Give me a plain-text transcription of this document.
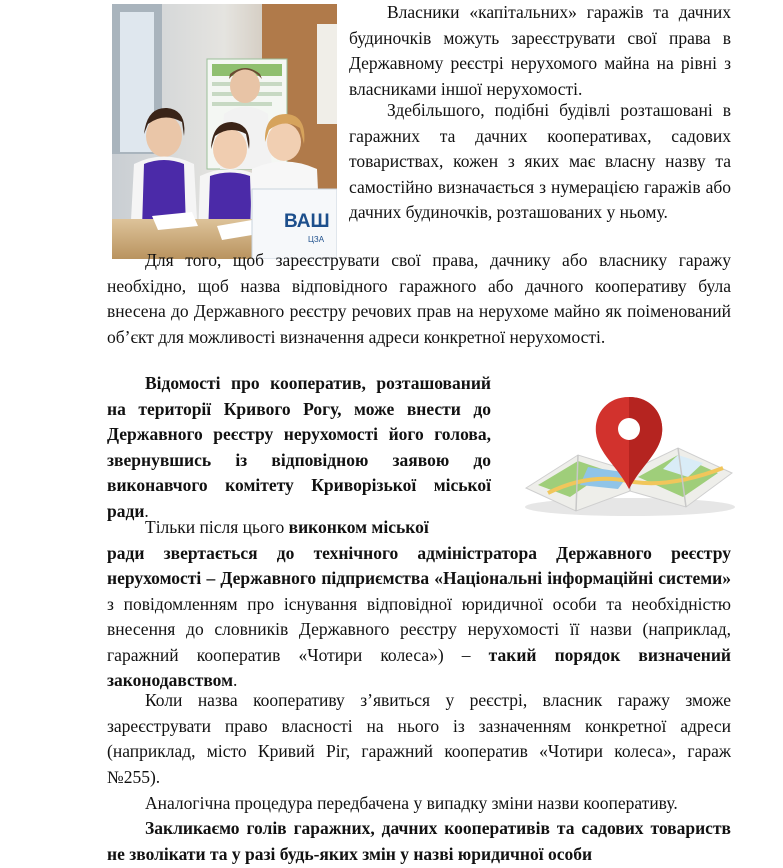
ВАШ
ЦЗА

Власники «капітальних» гаражів та дачних будиночків можуть зареєструвати свої права в Державному реєстрі нерухомого майна на рівні з власниками іншої нерухомості.

Здебільшого, подібні будівлі розташовані в гаражних та дачних кооперативах, садових товариствах, кожен з яких має власну назву та самостійно визначається з нумерацією гаражів або дачних будиночків, розташованих у ньому.

Для того, щоб зареєструвати свої права, дачнику або власнику гаражу необхідно, щоб назва відповідного гаражного або дачного кооперативу була внесена до Державного реєстру речових прав на нерухоме майно як поіменований об’єкт для можливості визначення адреси конкретної нерухомості.

Відомості про кооператив, розташований на території Кривого Рогу, може внести до Державного реєстру нерухомості його голова, звернувшись із відповідною заявою до виконавчого комітету Криворізької міської ради.

Тільки після цього виконком міської

ради звертається до технічного адміністратора Державного реєстру нерухомості – Державного підприємства «Національні інформаційні системи» з повідомленням про існування відповідної юридичної особи та необхідністю внесення до словників Державного реєстру нерухомості її назви (наприклад, гаражний кооператив «Чотири колеса») – такий порядок визначений законодавством.

Коли назва кооперативу з’явиться у реєстрі, власник гаражу зможе зареєструвати право власності на нього із зазначенням конкретної адреси (наприклад, місто Кривий Ріг, гаражний кооператив «Чотири колеса», гараж №255).

Аналогічна процедура передбачена у випадку зміни назви кооперативу.

Закликаємо голів гаражних, дачних кооперативів та садових товариств не зволікати та у разі будь-яких змін у назві юридичної особи
